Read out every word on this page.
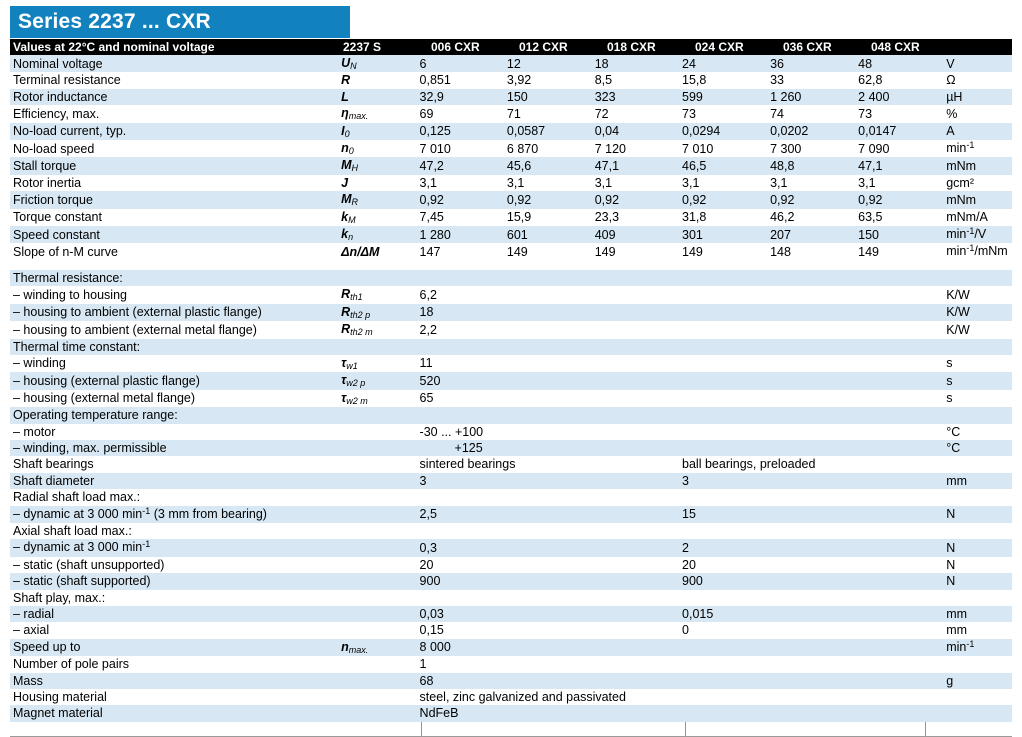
Series 2237 ... CXR
Values at 22°C and nominal voltage	2237 S	006 CXR	012 CXR	018 CXR	024 CXR	036 CXR	048 CXR
Nominal voltage	UN	6	12	18	24	36	48	V
Terminal resistance	R	0,851	3,92	8,5	15,8	33	62,8	Ω
Rotor inductance	L	32,9	150	323	599	1 260	2 400	µH
Efficiency, max.	ηmax.	69	71	72	73	74	73	%
No-load current, typ.	I0	0,125	0,0587	0,04	0,0294	0,0202	0,0147	A
No-load speed	n0	7 010	6 870	7 120	7 010	7 300	7 090	$\min^{-1}$
Stall torque	MH	47,2	45,6	47,1	46,5	48,8	47,1	mNm
Rotor inertia	J	3,1	3,1	3,1	3,1	3,1	3,1	gcm²
Friction torque	MR	0,92	0,92	0,92	0,92	0,92	0,92	mNm
Torque constant	kM	7,45	15,9	23,3	31,8	46,2	63,5	mNm/A
Speed constant	kn	1 280	601	409	301	207	150	$\min^{-1}/V$
Slope of n-M curve	Δn/ΔM	147	149	149	149	148	149	$\min^{-1}$/mNm

Thermal resistance:								
– winding to housing	Rth1	6,2						K/W
– housing to ambient (external plastic flange)	Rth2 p	18						K/W
– housing to ambient (external metal flange)	Rth2 m	2,2						K/W
Thermal time constant:								
– winding	τw1	11						s
– housing (external plastic flange)	τw2 p	520						s
– housing (external metal flange)	τw2 m	65						s
Operating temperature range:								
– motor		-30 ... +100						°C
– winding, max. permissible		+125						°C
Shaft bearings		sintered bearings			ball bearings, preloaded			
Shaft diameter		3			3			mm
Radial shaft load max.:								
– dynamic at 3 000 $\min^{-1} (3$ mm from bearing)		2,5			15			N
Axial shaft load max.:								
– dynamic at 3 000 $\min^{-1}$		0,3			2			N
– static (shaft unsupported)		20			20			N
– static (shaft supported)		900			900			N
Shaft play, max.:								
– radial		0,03			0,015			mm
– axial		0,15			0			mm
Speed up to	nmax.	8 000						$\min^{-1}$
Number of pole pairs		1						
Mass		68						g
Housing material		steel, zinc galvanized and passivated						
Magnet material		NdFeB						
